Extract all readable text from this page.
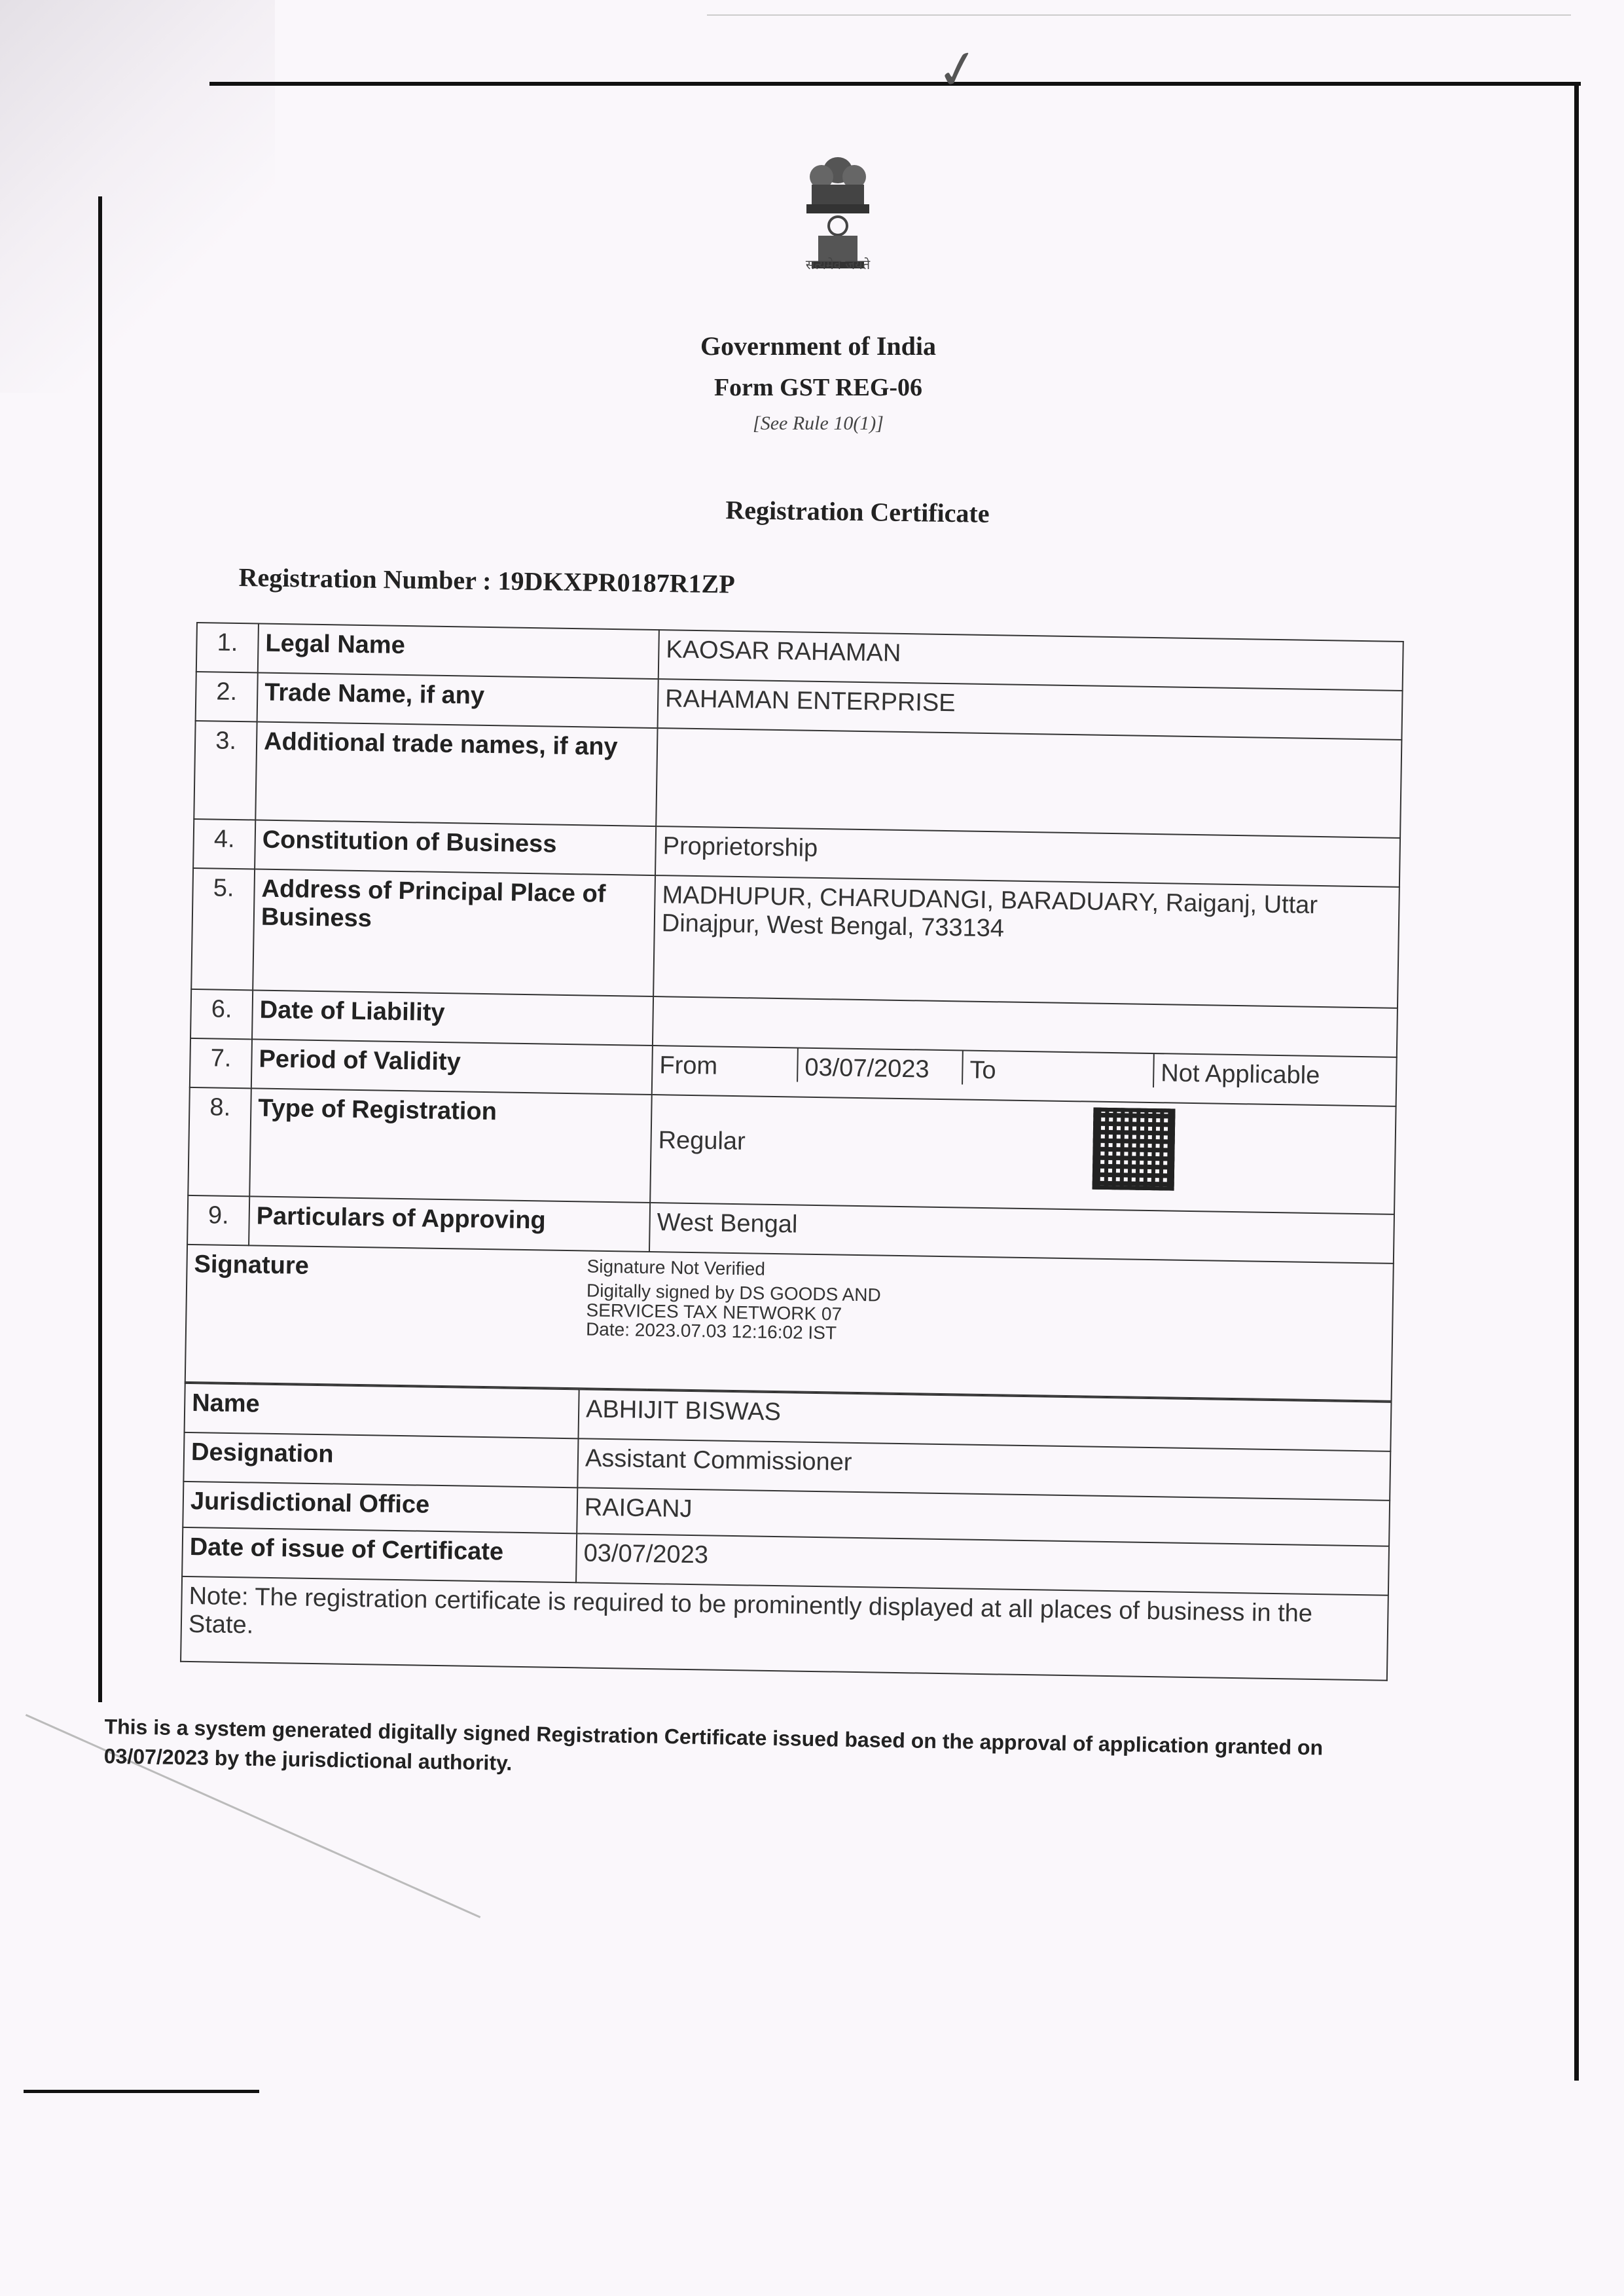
✓
सत्यमेव जयते
Government of India
Form GST REG-06
[See Rule 10(1)]
Registration Certificate
Registration Number : 19DKXPR0187R1ZP
1.	Legal Name	KAOSAR RAHAMAN
2.	Trade Name, if any	RAHAMAN ENTERPRISE
3.	Additional trade names, if any	
4.	Constitution of Business	Proprietorship
5.	Address of Principal Place of Business	MADHUPUR, CHARUDANGI, BARADUARY, Raiganj, Uttar Dinajpur, West Bengal, 733134
6.	Date of Liability	
7.	Period of Validity	From 03/07/2023 To Not Applicable

8.	Type of Registration	Regular
9.	Particulars of Approving	West Bengal

Signature Signature Not Verified
Digitally signed by DS GOODS AND
SERVICES TAX NETWORK 07
Date: 2023.07.03 12:16:02 IST		
Name	ABHIJIT BISWAS
Designation	Assistant Commissioner
Jurisdictional Office	RAIGANJ
Date of issue of Certificate	03/07/2023
Note: The registration certificate is required to be prominently displayed at all places of business in the State.	
This is a system generated digitally signed Registration Certificate issued based on the approval of application granted on 03/07/2023 by the jurisdictional authority.
